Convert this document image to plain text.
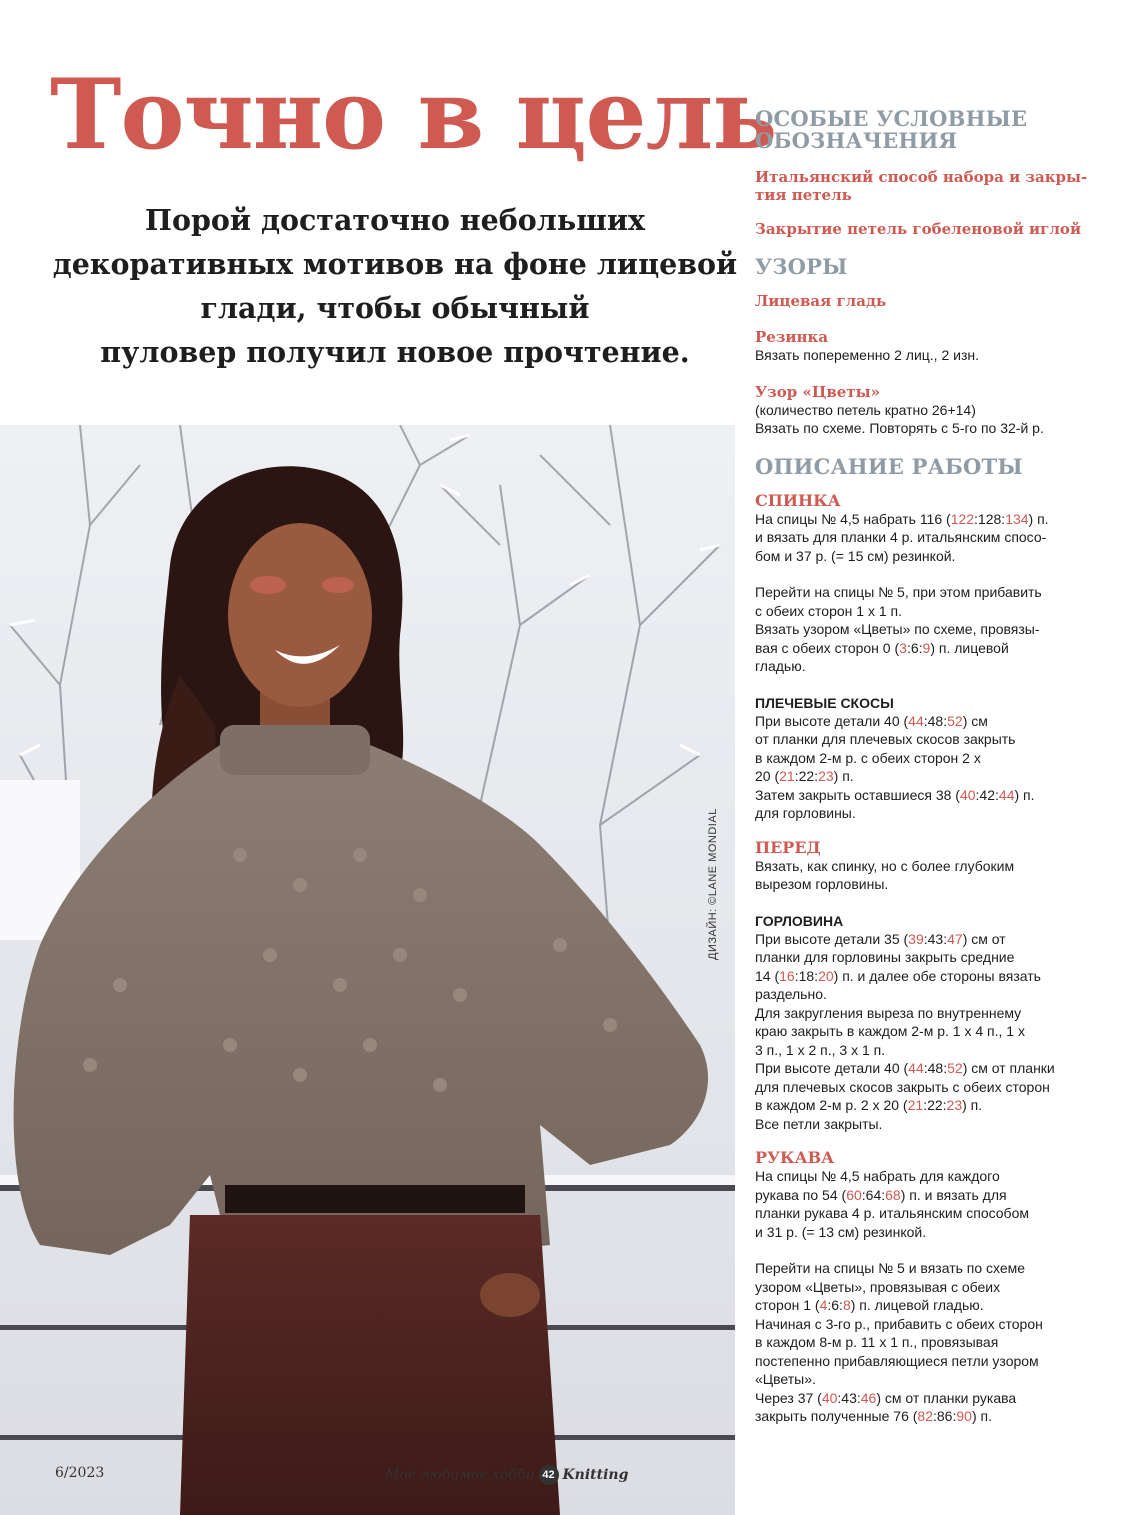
Точно в цель
Порой достаточно небольших
декоративных мотивов на фоне лицевой
глади, чтобы обычный
пуловер получил новое прочтение.
ДИЗАЙН: ©LANE MONDIAL
6/2023	Моё любимое хобби 42 Knitting
ОСОБЫЕ УСЛОВНЫЕ
ОБОЗНАЧЕНИЯ
Итальянский способ набора и закры-
тия петель
Закрытие петель гобеленовой иглой
УЗОРЫ
Лицевая гладь
Резинка
Вязать попеременно 2 лиц., 2 изн.
Узор «Цветы»
(количество петель кратно 26+14)
Вязать по схеме. Повторять с 5-го по 32-й р.
ОПИСАНИЕ РАБОТЫ
СПИНКА
На спицы № 4,5 набрать 116 (122:128:134) п.
и вязать для планки 4 р. итальянским спосо-
бом и 37 р. (= 15 см) резинкой.
Перейти на спицы № 5, при этом прибавить
с обеих сторон 1 х 1 п.
Вязать узором «Цветы» по схеме, провязы-
вая с обеих сторон 0 (3:6:9) п. лицевой
гладью.
ПЛЕЧЕВЫЕ СКОСЫ
При высоте детали 40 (44:48:52) см
от планки для плечевых скосов закрыть
в каждом 2-м р. с обеих сторон 2 х
20 (21:22:23) п.
Затем закрыть оставшиеся 38 (40:42:44) п.
для горловины.
ПЕРЕД
Вязать, как спинку, но с более глубоким
вырезом горловины.
ГОРЛОВИНА
При высоте детали 35 (39:43:47) см от
планки для горловины закрыть средние
14 (16:18:20) п. и далее обе стороны вязать
раздельно.
Для закругления выреза по внутреннему
краю закрыть в каждом 2-м р. 1 х 4 п., 1 х
3 п., 1 х 2 п., 3 х 1 п.
При высоте детали 40 (44:48:52) см от планки
для плечевых скосов закрыть с обеих сторон
в каждом 2-м р. 2 х 20 (21:22:23) п.
Все петли закрыты.
РУКАВА
На спицы № 4,5 набрать для каждого
рукава по 54 (60:64:68) п. и вязать для
планки рукава 4 р. итальянским способом
и 31 р. (= 13 см) резинкой.
Перейти на спицы № 5 и вязать по схеме
узором «Цветы», провязывая с обеих
сторон 1 (4:6:8) п. лицевой гладью.
Начиная с 3-го р., прибавить с обеих сторон
в каждом 8-м р. 11 х 1 п., провязывая
постепенно прибавляющиеся петли узором
«Цветы».
Через 37 (40:43:46) см от планки рукава
закрыть полученные 76 (82:86:90) п.
